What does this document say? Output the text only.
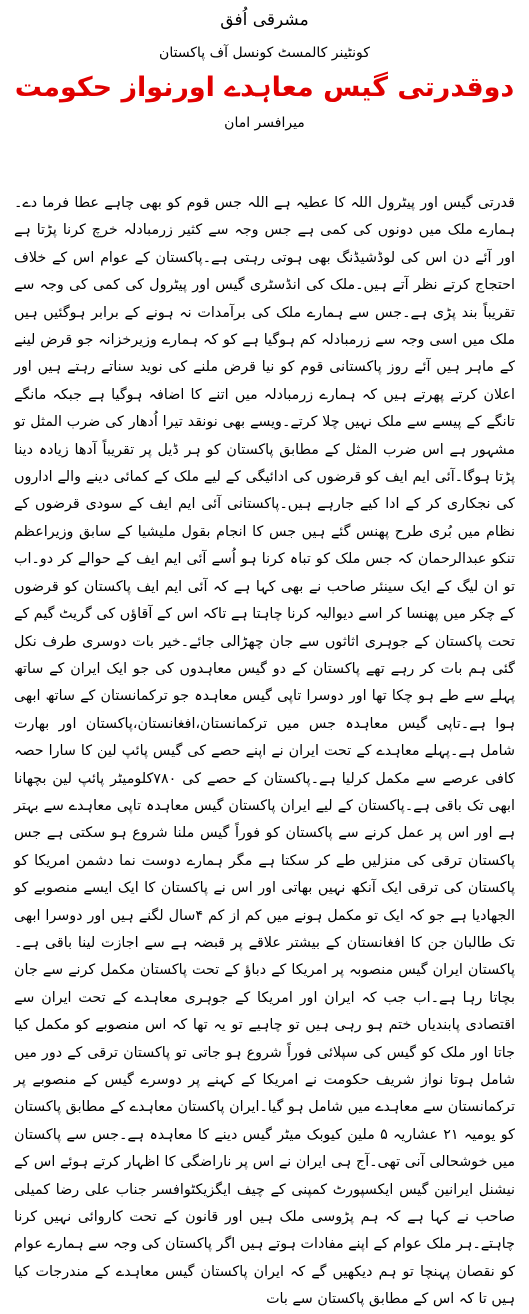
مشرقی اُفق
کونٹینر کالمسٹ کونسل آف پاکستان
دوقدرتی گیس معاہدے اورنواز حکومت
میرافسر امان

قدرتی گیس اور پیٹرول اللہ کا عطیہ ہے اللہ جس قوم کو بھی چاہے عطا فرما دے۔ہمارے ملک میں دونوں کی کمی ہے جس وجہ سے کثیر زرمبادلہ خرچ کرنا پڑتا ہے اور آئے دن اس کی لوڈشیڈنگ بھی ہوتی رہتی ہے۔پاکستان کے عوام اس کے خلاف احتجاج کرتے نظر آتے ہیں۔ملک کی انڈسٹری گیس اور پیٹرول کی کمی کی وجہ سے تقریباً بند پڑی ہے۔جس سے ہمارے ملک کی برآمدات نہ ہونے کے برابر ہوگئیں ہیں ملک میں اسی وجہ سے زرمبادلہ کم ہوگیا ہے کو کہ ہمارے وزیرخزانہ جو قرض لینے کے ماہر ہیں آئے روز پاکستانی قوم کو نیا قرض ملنے کی نوید سناتے رہتے ہیں اور اعلان کرتے پھرتے ہیں کہ ہمارے زرمبادلہ میں اتنے کا اضافہ ہوگیا ہے جبکہ مانگے تانگے کے پیسے سے ملک نہیں چلا کرتے۔ویسے بھی نونقد تیرا اُدھار کی ضرب المثل تو مشہور ہے اس ضرب المثل کے مطابق پاکستان کو ہر ڈیل پر تقریباً آدھا زیادہ دینا پڑتا ہوگا۔آئی ایم ایف کو قرضوں کی ادائیگی کے لیے ملک کے کمائی دینے والے اداروں کی نجکاری کر کے ادا کیے جارہے ہیں۔پاکستانی آئی ایم ایف کے سودی قرضوں کے نظام میں بُری طرح پھنس گئے ہیں جس کا انجام بقول ملیشیا کے سابق وزیراعظم تنکو عبدالرحمان کہ جس ملک کو تباہ کرنا ہو اُسے آئی ایم ایف کے حوالے کر دو۔اب تو ان لیگ کے ایک سینئر صاحب نے بھی کہا ہے کہ آئی ایم ایف پاکستان کو قرضوں کے چکر میں پھنسا کر اسے دیوالیہ کرنا چاہتا ہے تاکہ اس کے آقاؤں کی گریٹ گیم کے تحت پاکستان کے جوہری اثاثوں سے جان چھڑالی جائے۔خیر بات دوسری طرف نکل گئی ہم بات کر رہے تھے پاکستان کے دو گیس معاہدوں کی جو ایک ایران کے ساتھ پہلے سے طے ہو چکا تھا اور دوسرا تاپی گیس معاہدہ جو ترکمانستان کے ساتھ ابھی ہوا ہے۔تاپی گیس معاہدہ جس میں ترکمانستان،افغانستان،پاکستان اور بھارت شامل ہے۔پہلے معاہدے کے تحت ایران نے اپنے حصے کی گیس پائپ لین کا سارا حصہ کافی عرصے سے مکمل کرلیا ہے۔پاکستان کے حصے کی ۷۸۰کلومیٹر پائپ لین بچھانا ابھی تک باقی ہے۔پاکستان کے لیے ایران پاکستان گیس معاہدہ تاپی معاہدے سے بہتر ہے اور اس پر عمل کرنے سے پاکستان کو فوراً گیس ملنا شروع ہو سکتی ہے جس پاکستان ترقی کی منزلیں طے کر سکتا ہے مگر ہمارے دوست نما دشمن امریکا کو پاکستان کی ترقی ایک آنکھ نہیں بھاتی اور اس نے پاکستان کا ایک ایسے منصوبے کو الجھادیا ہے جو کہ ایک تو مکمل ہونے میں کم از کم ۴سال لگنے ہیں اور دوسرا ابھی تک طالبان جن کا افغانستان کے بیشتر علاقے پر قبضہ ہے سے اجازت لینا باقی ہے۔پاکستان ایران گیس منصوبہ پر امریکا کے دباؤ کے تحت پاکستان مکمل کرنے سے جان بچاتا رہا ہے۔اب جب کہ ایران اور امریکا کے جوہری معاہدے کے تحت ایران سے اقتصادی پابندیاں ختم ہو رہی ہیں تو چاہیے تو یہ تھا کہ اس منصوبے کو مکمل کیا جاتا اور ملک کو گیس کی سپلائی فوراً شروع ہو جاتی تو پاکستان ترقی کے دور میں شامل ہوتا نواز شریف حکومت نے امریکا کے کہنے پر دوسرے گیس کے منصوبے پر ترکمانستان سے معاہدے میں شامل ہو گیا۔ایران پاکستان معاہدے کے مطابق پاکستان کو یومیہ ۲۱ عشاریہ ۵ ملین کیوبک میٹر گیس دینے کا معاہدہ ہے۔جس سے پاکستان میں خوشحالی آنی تھی۔آج ہی ایران نے اس پر ناراضگی کا اظہار کرتے ہوئے اس کے نیشنل ایرانین گیس ایکسپورٹ کمپنی کے چیف ایگزیکٹوافسر جناب علی رضا کمیلی صاحب نے کہا ہے کہ ہم پڑوسی ملک ہیں اور قانون کے تحت کاروائی نہیں کرنا چاہتے۔ہر ملک عوام کے اپنے مفادات ہوتے ہیں اگر پاکستان کی وجہ سے ہمارے عوام کو نقصان پہنچا تو ہم دیکھیں گے کہ ایران پاکستان گیس معاہدے کے مندرجات کیا ہیں تا کہ اس کے مطابق پاکستان سے بات
